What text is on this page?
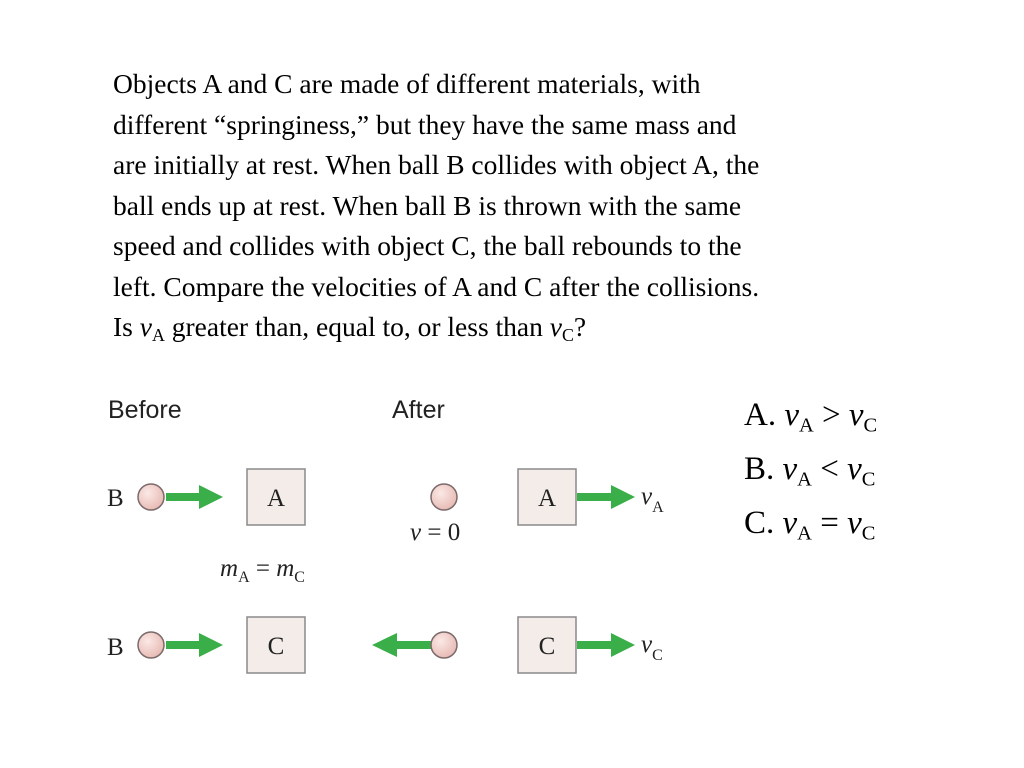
Objects A and C are made of different materials, with
different “springiness,” but they have the same mass and
are initially at rest. When ball B collides with object A, the
ball ends up at rest. When ball B is thrown with the same
speed and collides with object C, the ball rebounds to the
left. Compare the velocities of A and C after the collisions.
Is $v_A$ greater than, equal to, or less than $v_C$?

Before	After
B	A
$m_A = m_C$
B	C
v = 0
A	$v_A$
C	$v_C$
A. $v_A > v_C$
B. $v_A < v_C$
C. $v_A = v_C$
